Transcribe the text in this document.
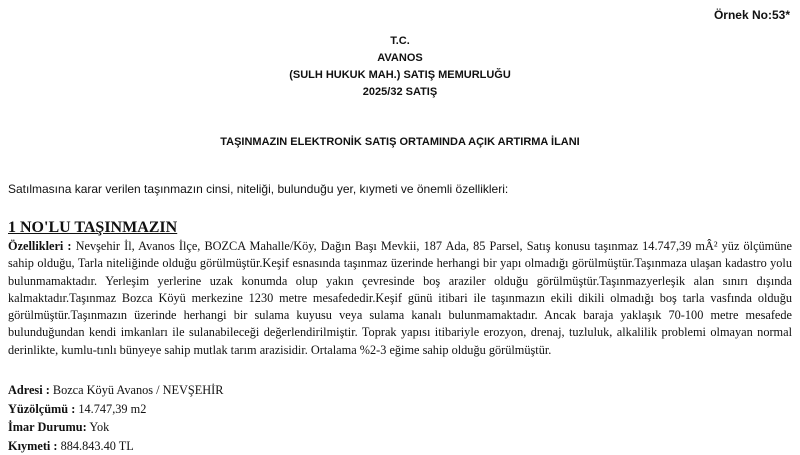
Örnek No:53*
T.C.
AVANOS
(SULH HUKUK MAH.) SATIŞ MEMURLUĞU
2025/32 SATIŞ
TAŞINMAZIN ELEKTRONİK SATIŞ ORTAMINDA AÇIK ARTIRMA İLANI
Satılmasına karar verilen taşınmazın cinsi, niteliği, bulunduğu yer, kıymeti ve önemli özellikleri:
1 NO'LU TAŞINMAZIN
Özellikleri : Nevşehir İl, Avanos İlçe, BOZCA Mahalle/Köy, Dağın Başı Mevkii, 187 Ada, 85 Parsel, Satış konusu taşınmaz 14.747,39 mÂ² yüz ölçümüne sahip olduğu, Tarla niteliğinde olduğu görülmüştür.Keşif esnasında taşınmaz üzerinde herhangi bir yapı olmadığı görülmüştür.Taşınmaza ulaşan kadastro yolu bulunmamaktadır. Yerleşim yerlerine uzak konumda olup yakın çevresinde boş araziler olduğu görülmüştür.Taşınmazyerleşik alan sınırı dışında kalmaktadır.Taşınmaz Bozca Köyü merkezine 1230 metre mesafededir.Keşif günü itibari ile taşınmazın ekili dikili olmadığı boş tarla vasfında olduğu görülmüştür.Taşınmazın üzerinde herhangi bir sulama kuyusu veya sulama kanalı bulunmamaktadır. Ancak baraja yaklaşık 70-100 metre mesafede bulunduğundan kendi imkanları ile sulanabileceği değerlendirilmiştir. Toprak yapısı itibariyle erozyon, drenaj, tuzluluk, alkalilik problemi olmayan normal derinlikte, kumlu-tınlı bünyeye sahip mutlak tarım arazisidir. Ortalama %2-3 eğime sahip olduğu görülmüştür.
Adresi : Bozca Köyü Avanos / NEVŞEHİR
Yüzölçümü : 14.747,39 m2
İmar Durumu: Yok
Kıymeti : 884.843.40 TL
